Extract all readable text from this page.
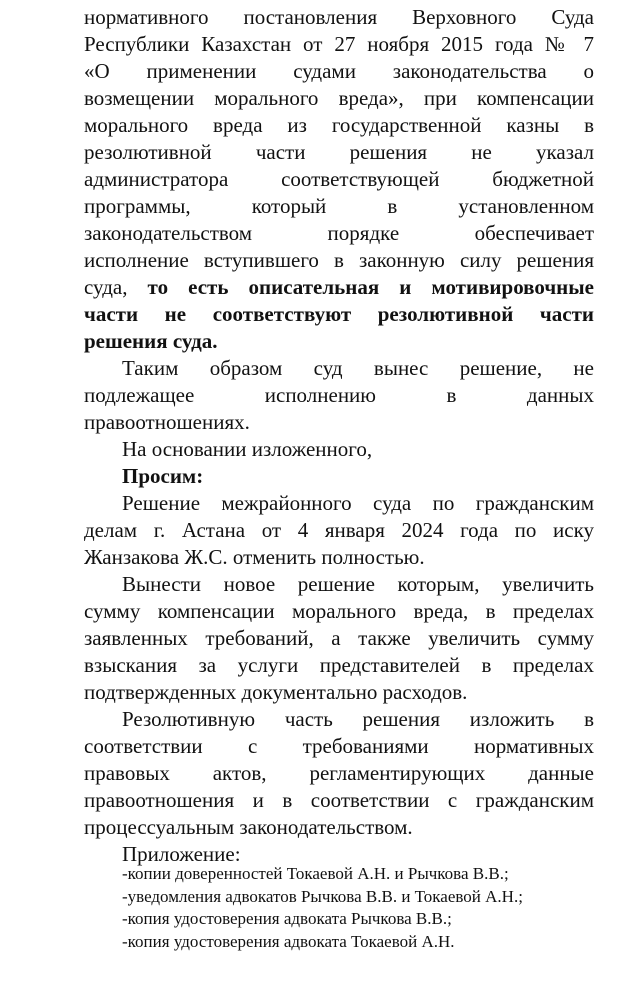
нормативного постановления Верховного Суда
Республики Казахстан от 27 ноября 2015 года № 7
«О применении судами законодательства о
возмещении морального вреда», при компенсации
морального вреда из государственной казны в
резолютивной части решения не указал
администратора соответствующей бюджетной
программы, который в установленном
законодательством порядке обеспечивает
исполнение вступившего в законную силу решения
суда, то есть описательная и мотивировочные
части не соответствуют резолютивной части
решения суда.
Таким образом суд вынес решение, не
подлежащее исполнению в данных
правоотношениях.
На основании изложенного,
Просим:
Решение межрайонного суда по гражданским
делам г. Астана от 4 января 2024 года по иску
Жанзакова Ж.С. отменить полностью.
Вынести новое решение которым, увеличить
сумму компенсации морального вреда, в пределах
заявленных требований, а также увеличить сумму
взыскания за услуги представителей в пределах
подтвержденных документально расходов.
Резолютивную часть решения изложить в
соответствии с требованиями нормативных
правовых актов, регламентирующих данные
правоотношения и в соответствии с гражданским
процессуальным законодательством.
Приложение:
-копии доверенностей Токаевой А.Н. и Рычкова В.В.;
-уведомления адвокатов Рычкова В.В. и Токаевой А.Н.;
-копия удостоверения адвоката Рычкова В.В.;
-копия удостоверения адвоката Токаевой А.Н.
